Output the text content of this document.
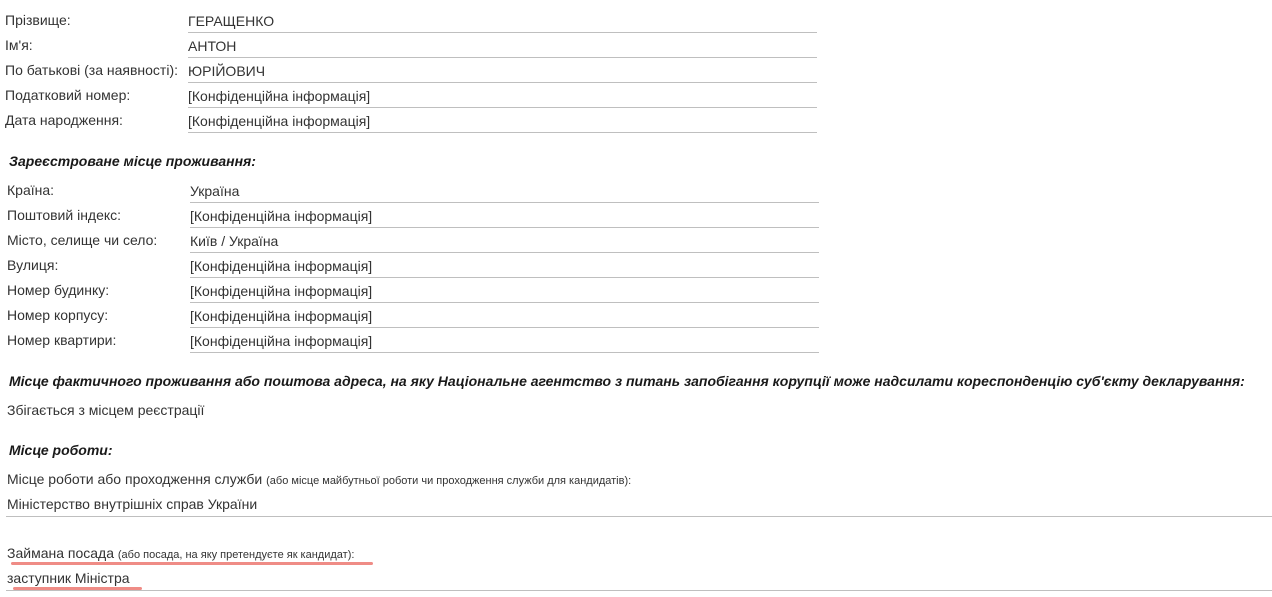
Прізвище:	ГЕРАЩЕНКО
Ім'я:	АНТОН
По батькові (за наявності): ЮРІЙОВИЧ
Податковий номер:	[Конфіденційна інформація]
Дата народження:	[Конфіденційна інформація]
Зареєстроване місце проживання:
Країна:	Україна
Поштовий індекс:	[Конфіденційна інформація]
Місто, селище чи село: Київ / Україна
Вулиця:	[Конфіденційна інформація]
Номер будинку:	[Конфіденційна інформація]
Номер корпусу:	[Конфіденційна інформація]
Номер квартири:	[Конфіденційна інформація]
Місце фактичного проживання або поштова адреса, на яку Національне агентство з питань запобігання корупції може надсилати кореспонденцію суб'єкту декларування:
Збігається з місцем реєстрації
Місце роботи:
Місце роботи або проходження служби (або місце майбутньої роботи чи проходження служби для кандидатів):
Міністерство внутрішніх справ України
Займана посада (або посада, на яку претендуєте як кандидат):
заступник Міністра
